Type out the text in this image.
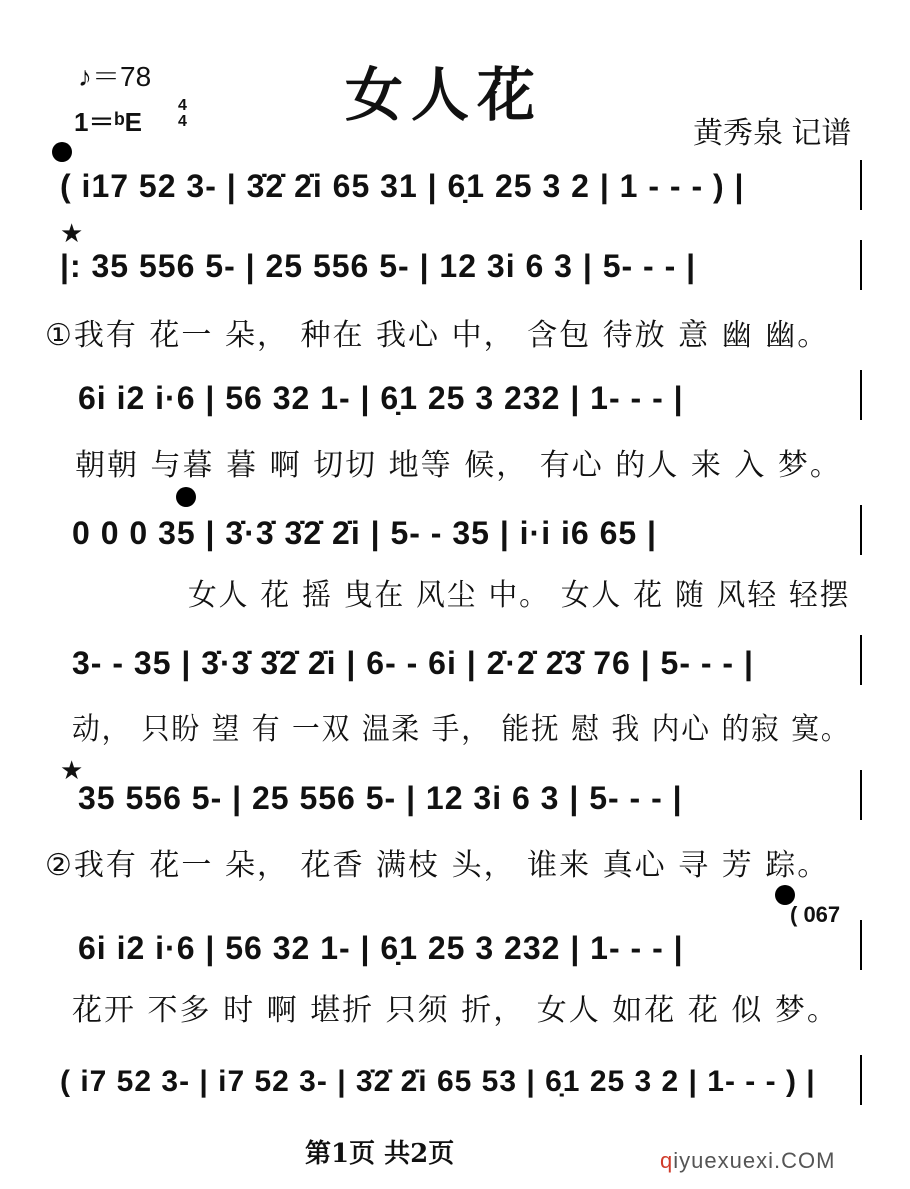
♪＝78	女人花
1＝ᵇE
4
4	黄秀泉 记谱
★
★
( i17 52 3- | 3̇2̇ 2̇i 65 31 | 6̣1 25 3 2 | 1 - - - ) |
|: 35 556 5- | 25 556 5- | 12 3i 6 3 | 5- - - |
①我有 花一 朵， 种在 我心 中， 含包 待放 意 幽 幽。
6i i2 i·6 | 56 32 1- | 6̣1 25 3 232 | 1- - - |
朝朝 与暮 暮 啊 切切 地等 候， 有心 的人 来 入 梦。
0 0 0 35 | 3̇·3̇ 3̇2̇ 2̇i | 5- - 35 | i·i i6 65 |
女人 花 摇 曳在 风尘 中。 女人 花 随 风轻 轻摆
3- - 35 | 3̇·3̇ 3̇2̇ 2̇i | 6- - 6i | 2̇·2̇ 2̇3̇ 76 | 5- - - |
动， 只盼 望 有 一双 温柔 手， 能抚 慰 我 内心 的寂 寞。
35 556 5- | 25 556 5- | 12 3i 6 3 | 5- - - |
②我有 花一 朵， 花香 满枝 头， 谁来 真心 寻 芳 踪。
( 067
6i i2 i·6 | 56 32 1- | 6̣1 25 3 232 | 1- - - |
花开 不多 时 啊 堪折 只须 折， 女人 如花 花 似 梦。
( i7 52 3- | i7 52 3- | 3̇2̇ 2̇i 65 53 | 6̣1 25 3 2 | 1- - - ) |
第1页 共2页	qiyuexuexi.COM
